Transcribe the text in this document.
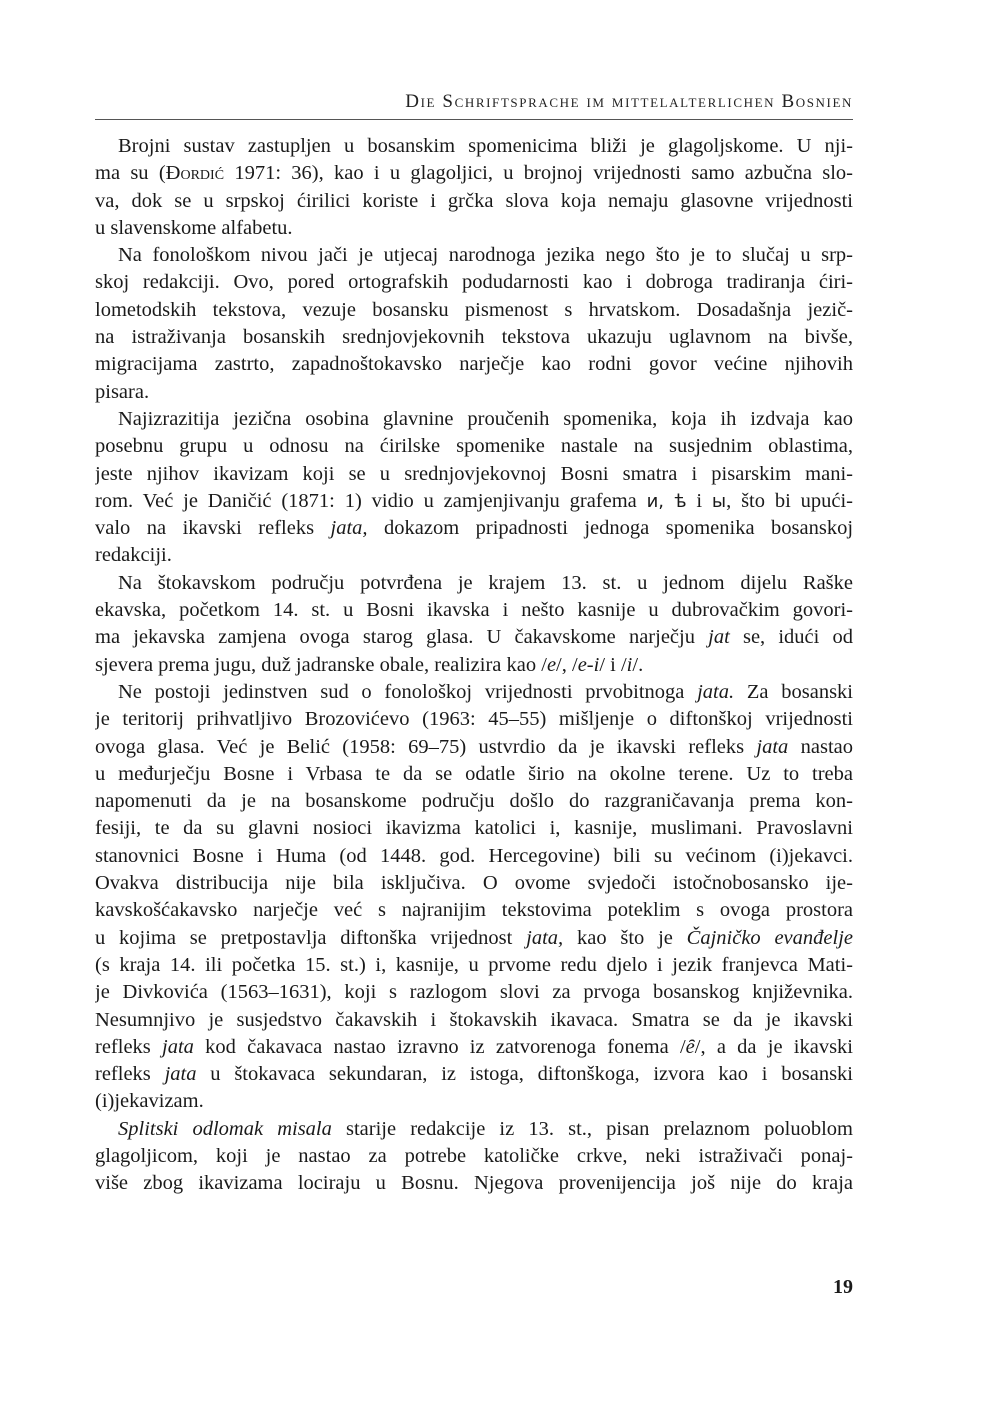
Die Schriftsprache im mittelalterlichen Bosnien
Brojni sustav zastupljen u bosanskim spomenicima bliži je glagoljskome. U nji-
ma su (Đordić 1971: 36), kao i u glagoljici, u brojnoj vrijednosti samo azbučna slo-
va, dok se u srpskoj ćirilici koriste i grčka slova koja nemaju glasovne vrijednosti
u slavenskome alfabetu.
Na fonološkom nivou jači je utjecaj narodnoga jezika nego što je to slučaj u srp-
skoj redakciji. Ovo, pored ortografskih podudarnosti kao i dobroga tradiranja ćiri-
lometodskih tekstova, vezuje bosansku pismenost s hrvatskom. Dosadašnja jezič-
na istraživanja bosanskih srednjovjekovnih tekstova ukazuju uglavnom na bivše,
migracijama zastrto, zapadnoštokavsko narječje kao rodni govor većine njihovih
pisara.
Najizrazitija jezična osobina glavnine proučenih spomenika, koja ih izdvaja kao
posebnu grupu u odnosu na ćirilske spomenike nastale na susjednim oblastima,
jeste njihov ikavizam koji se u srednjovjekovnoj Bosni smatra i pisarskim mani-
rom. Već je Daničić (1871: 1) vidio u zamjenjivanju grafema и, ѣ i ы, što bi upući-
valo na ikavski refleks jata, dokazom pripadnosti jednoga spomenika bosanskoj
redakciji.
Na štokavskom području potvrđena je krajem 13. st. u jednom dijelu Raške
ekavska, početkom 14. st. u Bosni ikavska i nešto kasnije u dubrovačkim govori-
ma jekavska zamjena ovoga starog glasa. U čakavskome narječju jat se, idući od
sjevera prema jugu, duž jadranske obale, realizira kao /e/, /e-i/ i /i/.
Ne postoji jedinstven sud o fonološkoj vrijednosti prvobitnoga jata. Za bosanski
je teritorij prihvatljivo Brozovićevo (1963: 45–55) mišljenje o diftonškoj vrijednosti
ovoga glasa. Već je Belić (1958: 69–75) ustvrdio da je ikavski refleks jata nastao
u međurječju Bosne i Vrbasa te da se odatle širio na okolne terene. Uz to treba
napomenuti da je na bosanskome području došlo do razgraničavanja prema kon-
fesiji, te da su glavni nosioci ikavizma katolici i, kasnije, muslimani. Pravoslavni
stanovnici Bosne i Huma (od 1448. god. Hercegovine) bili su većinom (i)jekavci.
Ovakva distribucija nije bila isključiva. O ovome svjedoči istočnobosansko ije-
kavskošćakavsko narječje već s najranijim tekstovima poteklim s ovoga prostora
u kojima se pretpostavlja diftonška vrijednost jata, kao što je Čajničko evanđelje
(s kraja 14. ili početka 15. st.) i, kasnije, u prvome redu djelo i jezik franjevca Mati-
je Divkovića (1563–1631), koji s razlogom slovi za prvoga bosanskog književnika.
Nesumnjivo je susjedstvo čakavskih i štokavskih ikavaca. Smatra se da je ikavski
refleks jata kod čakavaca nastao izravno iz zatvorenoga fonema /ȇ/, a da je ikavski
refleks jata u štokavaca sekundaran, iz istoga, diftonškoga, izvora kao i bosanski
(i)jekavizam.
Splitski odlomak misala starije redakcije iz 13. st., pisan prelaznom poluoblom
glagoljicom, koji je nastao za potrebe katoličke crkve, neki istraživači ponaj-
više zbog ikavizama lociraju u Bosnu. Njegova provenijencija još nije do kraja
19
